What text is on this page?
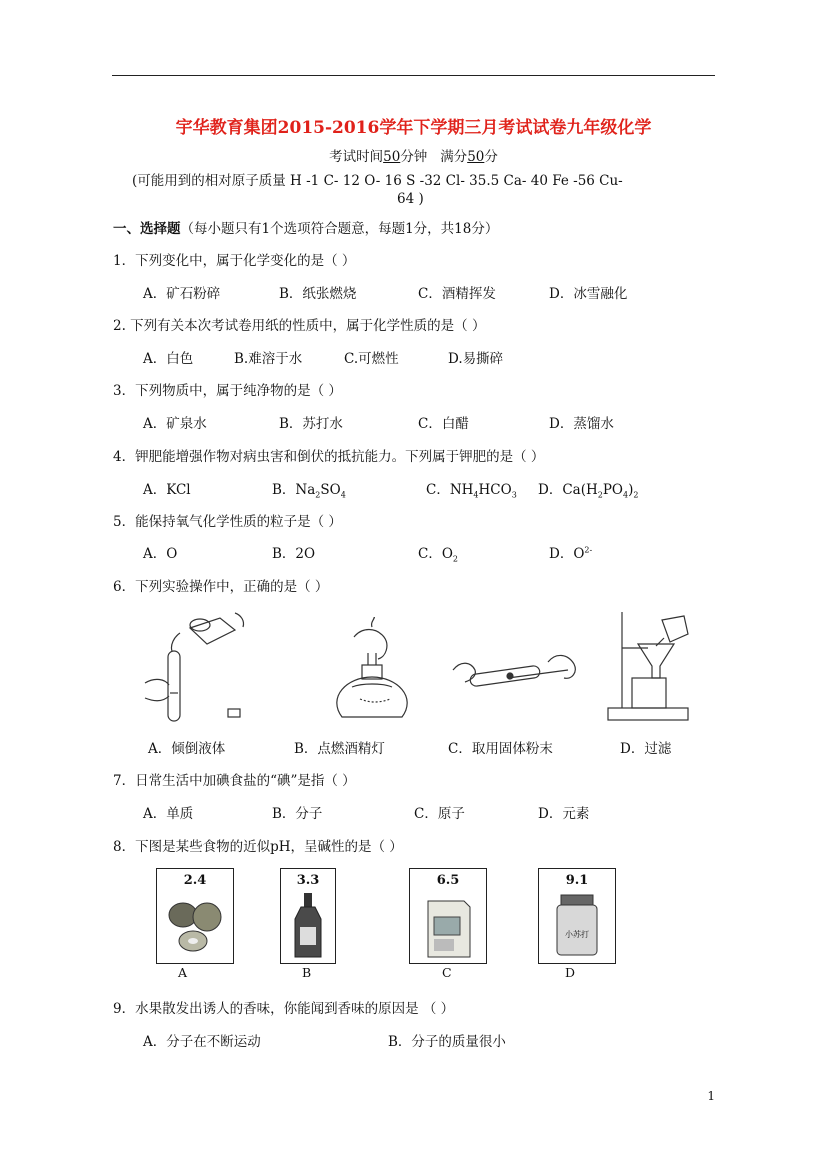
宇华教育集团2015-2016学年下学期三月考试试卷九年级化学
考试时间50分钟 满分50分
(可能用到的相对原子质量 H -1 C- 12 O- 16 S -32 Cl- 35.5 Ca- 40 Fe -56 Cu-
64 )
一、选择题（每小题只有1个选项符合题意，每题1分，共18分）
1．下列变化中，属于化学变化的是（ ）
A．矿石粉碎	B．纸张燃烧	C．酒精挥发	D．冰雪融化
2. 下列有关本次考试卷用纸的性质中，属于化学性质的是（ ）
A．白色	B.难溶于水	C.可燃性	D.易撕碎
3．下列物质中，属于纯净物的是（ ）
A．矿泉水	B．苏打水	C．白醋	D．蒸馏水
4．钾肥能增强作物对病虫害和倒伏的抵抗能力。下列属于钾肥的是（ ）
A．KCl	B．$Na_2SO_4$	C．$NH_4HCO_3$ D．$Ca(H_2PO_4)_2$
5．能保持氧气化学性质的粒子是（ ）
A．O	B．2O	C．$O_2$	D．$O^{2-}$
6．下列实验操作中，正确的是（ ）
A．倾倒液体	B．点燃酒精灯	C．取用固体粉末	D．过滤
7．日常生活中加碘食盐的“碘”是指（ ）
A．单质	B．分子	C．原子	D．元素
8．下图是某些食物的近似pH，呈碱性的是（ ）
2.4	3.3	6.5	9.1
小苏打
A	B	C	D
9．水果散发出诱人的香味，你能闻到香味的原因是 （ ）
A．分子在不断运动	B．分子的质量很小
1
